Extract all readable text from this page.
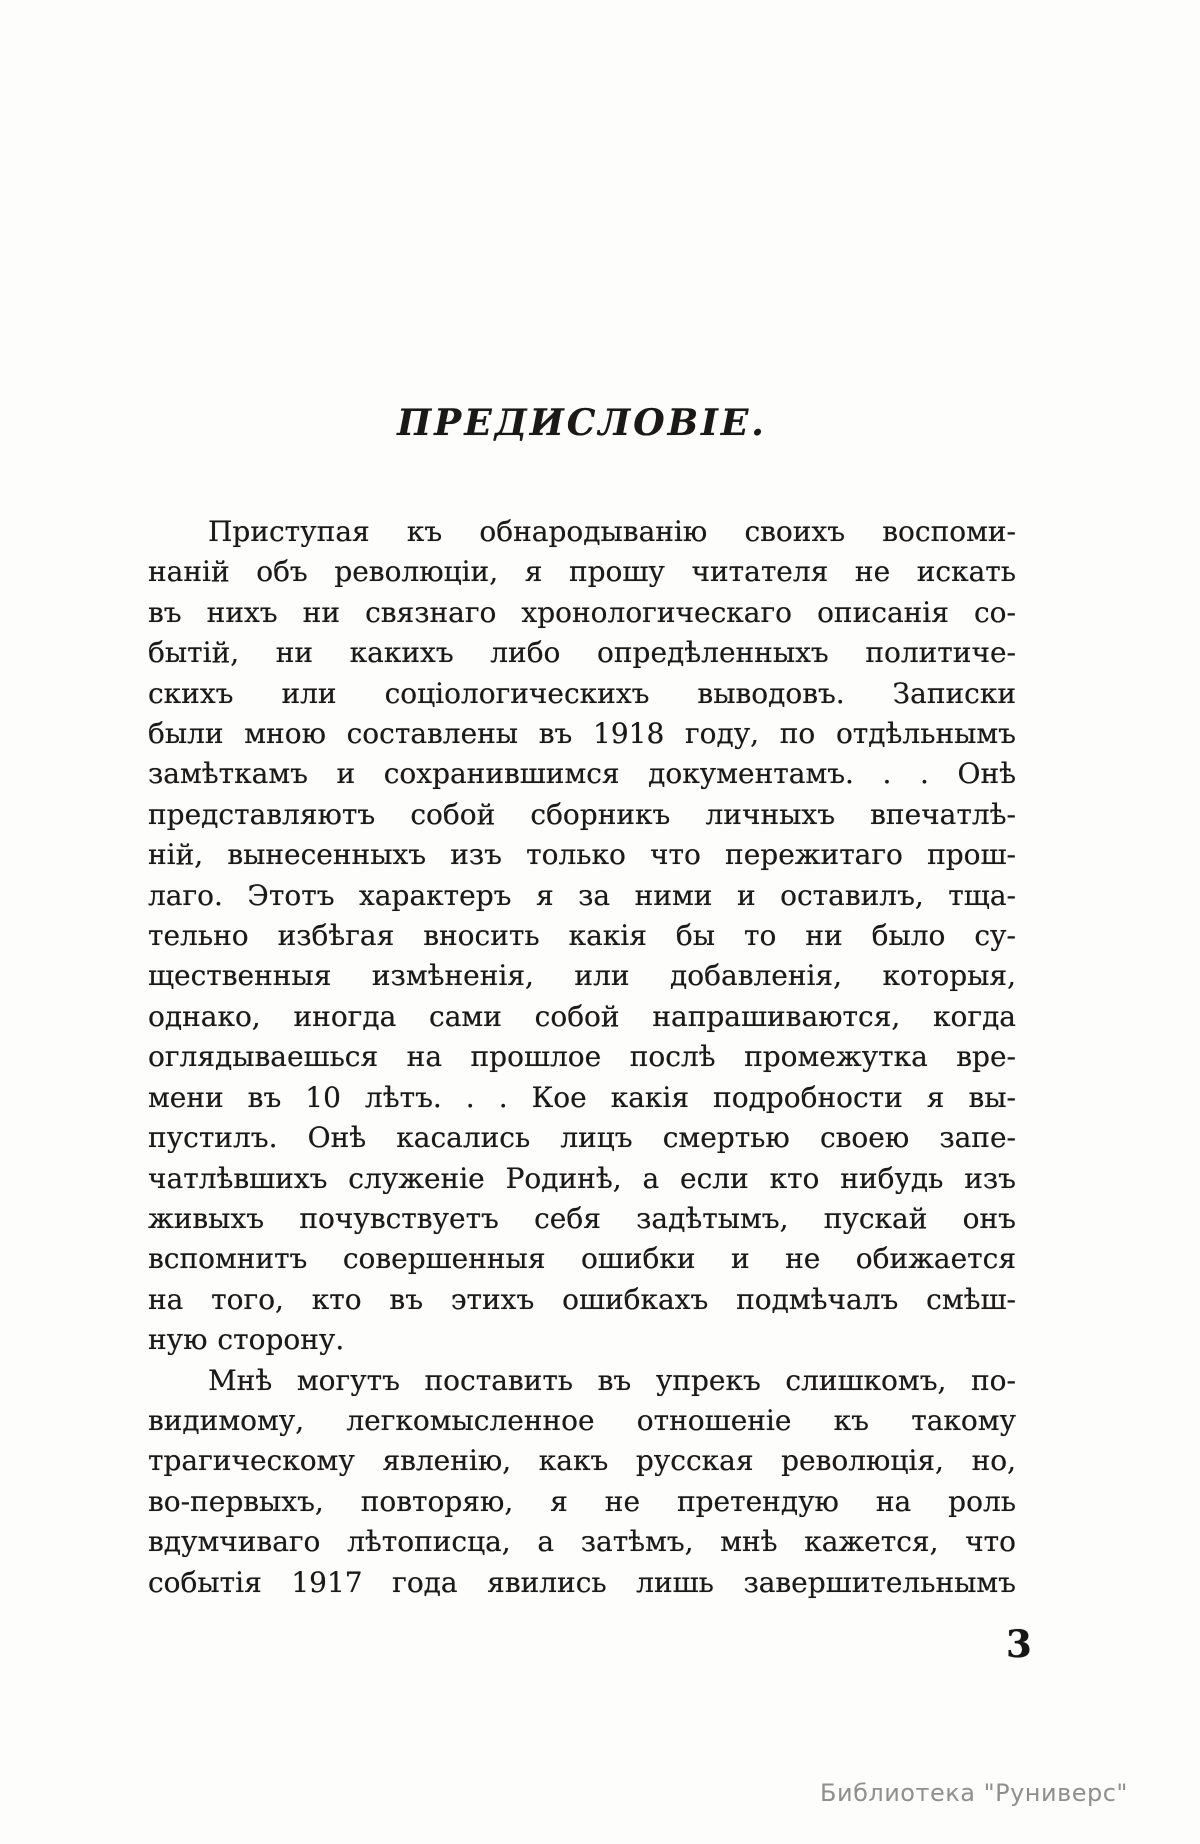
ПРЕДИСЛОВІЕ.
Приступая къ обнародыванію своихъ воспоми-
наній объ революціи, я прошу читателя не искать
въ нихъ ни связнаго хронологическаго описанія со-
бытій, ни какихъ либо опредѣленныхъ политиче-
скихъ или соціологическихъ выводовъ. Записки
были мною составлены въ 1918 году, по отдѣльнымъ
замѣткамъ и сохранившимся документамъ. . . Онѣ
представляютъ собой сборникъ личныхъ впечатлѣ-
ній, вынесенныхъ изъ только что пережитаго прош-
лаго. Этотъ характеръ я за ними и оставилъ, тща-
тельно избѣгая вносить какія бы то ни было су-
щественныя измѣненія, или добавленія, которыя,
однако, иногда сами собой напрашиваются, когда
оглядываешься на прошлое послѣ промежутка вре-
мени въ 10 лѣтъ. . . Кое какія подробности я вы-
пустилъ. Онѣ касались лицъ смертью своею запе-
чатлѣвшихъ служеніе Родинѣ, а если кто нибудь изъ
живыхъ почувствуетъ себя задѣтымъ, пускай онъ
вспомнитъ совершенныя ошибки и не обижается
на того, кто въ этихъ ошибкахъ подмѣчалъ смѣш-
ную сторону.
Мнѣ могутъ поставить въ упрекъ слишкомъ, по-
видимому, легкомысленное отношеніе къ такому
трагическому явленію, какъ русская революція, но,
во-первыхъ, повторяю, я не претендую на роль
вдумчиваго лѣтописца, а затѣмъ, мнѣ кажется, что
событія 1917 года явились лишь завершительнымъ
3
Библиотека "Руниверс"
